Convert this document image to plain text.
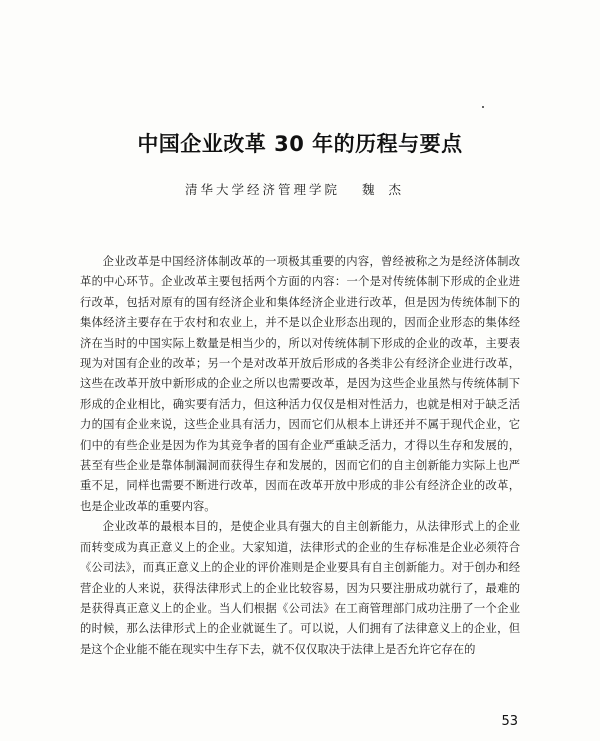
中国企业改革 30 年的历程与要点
清华大学经济管理学院 魏杰

企业改革是中国经济体制改革的一项极其重要的内容，曾经被称之为是经济体制改革的中心环节。企业改革主要包括两个方面的内容：一个是对传统体制下形成的企业进行改革，包括对原有的国有经济企业和集体经济企业进行改革，但是因为传统体制下的集体经济主要存在于农村和农业上，并不是以企业形态出现的，因而企业形态的集体经济在当时的中国实际上数量是相当少的，所以对传统体制下形成的企业的改革，主要表现为对国有企业的改革；另一个是对改革开放后形成的各类非公有经济企业进行改革，这些在改革开放中新形成的企业之所以也需要改革，是因为这些企业虽然与传统体制下形成的企业相比，确实要有活力，但这种活力仅仅是相对性活力，也就是相对于缺乏活力的国有企业来说，这些企业具有活力，因而它们从根本上讲还并不属于现代企业，它们中的有些企业是因为作为其竞争者的国有企业严重缺乏活力，才得以生存和发展的，甚至有些企业是靠体制漏洞而获得生存和发展的，因而它们的自主创新能力实际上也严重不足，同样也需要不断进行改革，因而在改革开放中形成的非公有经济企业的改革，也是企业改革的重要内容。

企业改革的最根本目的，是使企业具有强大的自主创新能力，从法律形式上的企业而转变成为真正意义上的企业。大家知道，法律形式的企业的生存标准是企业必须符合《公司法》，而真正意义上的企业的评价准则是企业要具有自主创新能力。对于创办和经营企业的人来说，获得法律形式上的企业比较容易，因为只要注册成功就行了，最难的是获得真正意义上的企业。当人们根据《公司法》在工商管理部门成功注册了一个企业的时候，那么法律形式上的企业就诞生了。可以说，人们拥有了法律意义上的企业，但是这个企业能不能在现实中生存下去，就不仅仅取决于法律上是否允许它存在的

53
